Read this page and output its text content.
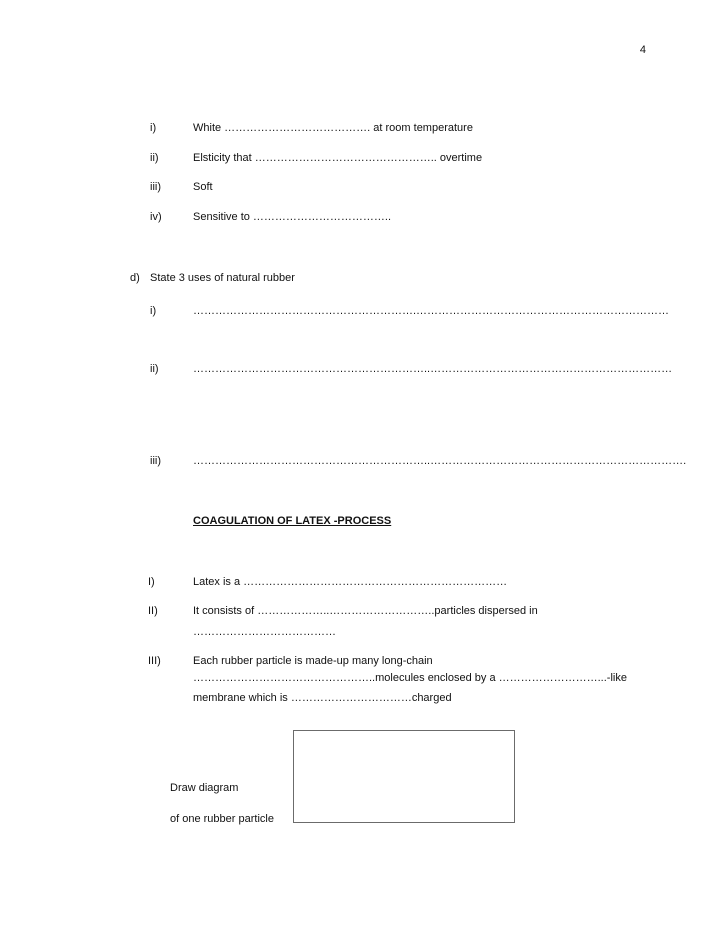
4
i)	White …………………………………. at room temperature
ii)	Elsticity that ………………………………………….. overtime
iii)	Soft
iv)	Sensitive to ………………………………..
d) State 3 uses of natural rubber
i)	…………………………………………………….……………………………………………………………
ii)	………………………………………………………..…………………………………………………………
iii)	………………………………………………………..…………………………………………………………….
COAGULATION OF LATEX -PROCESS
I)	Latex is a ………………………………………………………………
II)	It consists of ………………..………………………..particles dispersed in
…………………………………
III)	Each rubber particle is made-up many long-chain
…………………………………………..molecules enclosed by a ………………………...-like
membrane which is ……………………………charged
Draw diagram
of one rubber particle
